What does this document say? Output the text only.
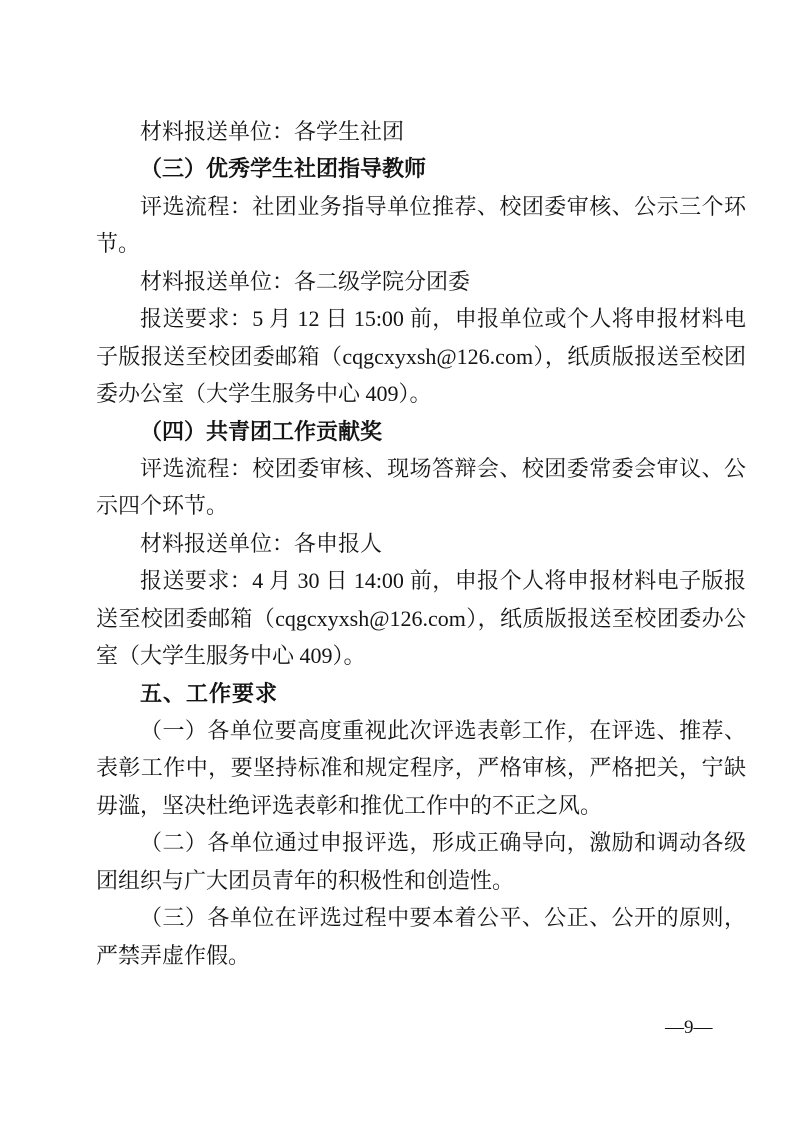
材料报送单位：各学生社团
（三）优秀学生社团指导教师
评选流程：社团业务指导单位推荐、校团委审核、公示三个环
节。
材料报送单位：各二级学院分团委
报送要求：5 月 12 日 15:00 前，申报单位或个人将申报材料电
子版报送至校团委邮箱（cqgcxyxsh@126.com），纸质版报送至校团
委办公室（大学生服务中心 409）。
（四）共青团工作贡献奖
评选流程：校团委审核、现场答辩会、校团委常委会审议、公
示四个环节。
材料报送单位：各申报人
报送要求：4 月 30 日 14:00 前，申报个人将申报材料电子版报
送至校团委邮箱（cqgcxyxsh@126.com），纸质版报送至校团委办公
室（大学生服务中心 409）。
五、工作要求
（一）各单位要高度重视此次评选表彰工作，在评选、推荐、
表彰工作中，要坚持标准和规定程序，严格审核，严格把关，宁缺
毋滥，坚决杜绝评选表彰和推优工作中的不正之风。
（二）各单位通过申报评选，形成正确导向，激励和调动各级
团组织与广大团员青年的积极性和创造性。
（三）各单位在评选过程中要本着公平、公正、公开的原则，
严禁弄虚作假。
—9—
